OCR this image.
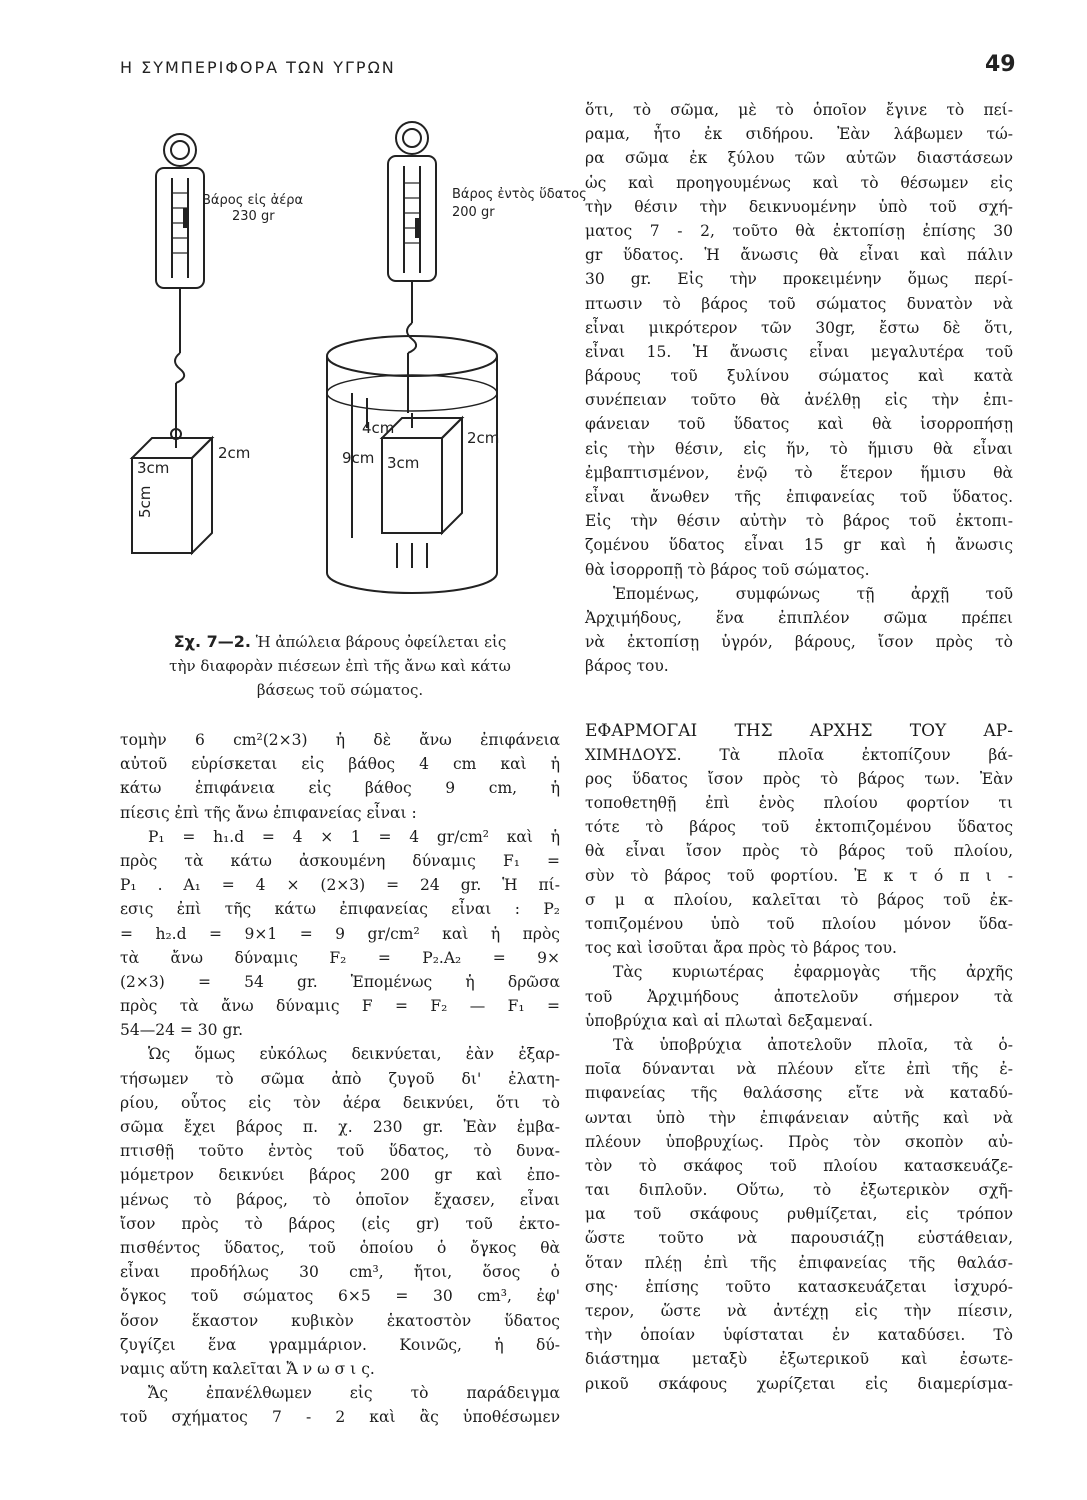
Η ΣΥΜΠΕΡΙΦΟΡΑ ΤΩΝ ΥΓΡΩΝ	49
Βάρος εἰς ἀέρα
230 gr
Βάρος ἐντὸς ὕδατος
200 gr
3cm
5cm
2cm
4cm
9cm 3cm
2cm
Σχ. 7—2. Ἡ ἀπώλεια βάρους ὀφείλεται εἰς
τὴν διαφορὰν πιέσεων ἐπὶ τῆς ἄνω καὶ κάτω
βάσεως τοῦ σώματος.
τομὴν 6 cm²(2×3) ἡ δὲ ἄνω ἐπιφάνεια
αὐτοῦ εὑρίσκεται εἰς βάθος 4 cm καὶ ἡ
κάτω ἐπιφάνεια εἰς βάθος 9 cm, ἡ
πίεσις ἐπὶ τῆς ἄνω ἐπιφανείας εἶναι :
P₁ = h₁.d = 4 × 1 = 4 gr/cm² καὶ ἡ
πρὸς τὰ κάτω ἀσκουμένη δύναμις F₁ =
P₁ . A₁ = 4 × (2×3) = 24 gr. Ἡ πί-
εσις ἐπὶ τῆς κάτω ἐπιφανείας εἶναι : P₂
= h₂.d = 9×1 = 9 gr/cm² καὶ ἡ πρὸς
τὰ ἄνω δύναμις F₂ = P₂.A₂ = 9×
(2×3) = 54 gr. Ἑπομένως ἡ δρῶσα
πρὸς τὰ ἄνω δύναμις F = F₂ — F₁ =
54—24 = 30 gr.
Ὡς ὅμως εὐκόλως δεικνύεται, ἐὰν ἐξαρ-
τήσωμεν τὸ σῶμα ἀπὸ ζυγοῦ δι' ἐλατη-
ρίου, οὗτος εἰς τὸν ἀέρα δεικνύει, ὅτι τὸ
σῶμα ἔχει βάρος π. χ. 230 gr. Ἐὰν ἐμβα-
πτισθῇ τοῦτο ἐντὸς τοῦ ὕδατος, τὸ δυνα-
μόμετρον δεικνύει βάρος 200 gr καὶ ἐπο-
μένως τὸ βάρος, τὸ ὁποῖον ἔχασεν, εἶναι
ἴσον πρὸς τὸ βάρος (εἰς gr) τοῦ ἐκτο-
πισθέντος ὕδατος, τοῦ ὁποίου ὁ ὄγκος θὰ
εἶναι προδήλως 30 cm³, ἤτοι, ὅσος ὁ
ὄγκος τοῦ σώματος 6×5 = 30 cm³, ἐφ'
ὅσον ἕκαστον κυβικὸν ἑκατοστὸν ὕδατος
ζυγίζει ἕνα γραμμάριον. Κοινῶς, ἡ δύ-
ναμις αὕτη καλεῖται Ἄ ν ω σ ι ς.
Ἄς ἐπανέλθωμεν εἰς τὸ παράδειγμα
τοῦ σχήματος 7 - 2 καὶ ἂς ὑποθέσωμεν
ὅτι, τὸ σῶμα, μὲ τὸ ὁποῖον ἔγινε τὸ πεί-
ραμα, ἦτο ἐκ σιδήρου. Ἐὰν λάβωμεν τώ-
ρα σῶμα ἐκ ξύλου τῶν αὐτῶν διαστάσεων
ὡς καὶ προηγουμένως καὶ τὸ θέσωμεν εἰς
τὴν θέσιν τὴν δεικνυομένην ὑπὸ τοῦ σχή-
ματος 7 - 2, τοῦτο θὰ ἐκτοπίσῃ ἐπίσης 30
gr ὕδατος. Ἡ ἄνωσις θὰ εἶναι καὶ πάλιν
30 gr. Εἰς τὴν προκειμένην ὅμως περί-
πτωσιν τὸ βάρος τοῦ σώματος δυνατὸν νὰ
εἶναι μικρότερον τῶν 30gr, ἔστω δὲ ὅτι,
εἶναι 15. Ἡ ἄνωσις εἶναι μεγαλυτέρα τοῦ
βάρους τοῦ ξυλίνου σώματος καὶ κατὰ
συνέπειαν τοῦτο θὰ ἀνέλθῃ εἰς τὴν ἐπι-
φάνειαν τοῦ ὕδατος καὶ θὰ ἰσορροπήσῃ
εἰς τὴν θέσιν, εἰς ἥν, τὸ ἥμισυ θὰ εἶναι
ἐμβαπτισμένον, ἐνῷ τὸ ἕτερον ἥμισυ θὰ
εἶναι ἄνωθεν τῆς ἐπιφανείας τοῦ ὕδατος.
Εἰς τὴν θέσιν αὐτὴν τὸ βάρος τοῦ ἐκτοπι-
ζομένου ὕδατος εἶναι 15 gr καὶ ἡ ἄνωσις
θὰ ἰσορροπῇ τὸ βάρος τοῦ σώματος.
Ἑπομένως, συμφώνως τῇ ἀρχῇ τοῦ
Ἀρχιμήδους, ἕνα ἐπιπλέον σῶμα πρέπει
νὰ ἐκτοπίσῃ ὑγρόν, βάρους, ἴσον πρὸς τὸ
βάρος του.
ΕΦΑΡΜΟΓΑΙ ΤΗΣ ΑΡΧΗΣ ΤΟΥ ΑΡ-
ΧΙΜΗΔΟΥΣ. Τὰ πλοῖα ἐκτοπίζουν βά-
ρος ὕδατος ἴσον πρὸς τὸ βάρος των. Ἐὰν
τοποθετηθῇ ἐπὶ ἑνὸς πλοίου φορτίον τι
τότε τὸ βάρος τοῦ ἐκτοπιζομένου ὕδατος
θὰ εἶναι ἴσον πρὸς τὸ βάρος τοῦ πλοίου,
σὺν τὸ βάρος τοῦ φορτίου. Ἐ κ τ ό π ι -
σ μ α πλοίου, καλεῖται τὸ βάρος τοῦ ἐκ-
τοπιζομένου ὑπὸ τοῦ πλοίου μόνον ὕδα-
τος καὶ ἰσοῦται ἄρα πρὸς τὸ βάρος του.
Τὰς κυριωτέρας ἐφαρμογὰς τῆς ἀρχῆς
τοῦ Ἀρχιμήδους ἀποτελοῦν σήμερον τὰ
ὑποβρύχια καὶ αἱ πλωταὶ δεξαμεναί.
Τὰ ὑποβρύχια ἀποτελοῦν πλοῖα, τὰ ὁ-
ποῖα δύνανται νὰ πλέουν εἴτε ἐπὶ τῆς ἐ-
πιφανείας τῆς θαλάσσης εἴτε νὰ καταδύ-
ωνται ὑπὸ τὴν ἐπιφάνειαν αὐτῆς καὶ νὰ
πλέουν ὑποβρυχίως. Πρὸς τὸν σκοπὸν αὐ-
τὸν τὸ σκάφος τοῦ πλοίου κατασκευάζε-
ται διπλοῦν. Οὕτω, τὸ ἐξωτερικὸν σχῆ-
μα τοῦ σκάφους ρυθμίζεται, εἰς τρόπον
ὥστε τοῦτο νὰ παρουσιάζῃ εὐστάθειαν,
ὅταν πλέῃ ἐπὶ τῆς ἐπιφανείας τῆς θαλάσ-
σης· ἐπίσης τοῦτο κατασκευάζεται ἰσχυρό-
τερον, ὥστε νὰ ἀντέχῃ εἰς τὴν πίεσιν,
τὴν ὁποίαν ὑφίσταται ἐν καταδύσει. Τὸ
διάστημα μεταξὺ ἐξωτερικοῦ καὶ ἐσωτε-
ρικοῦ σκάφους χωρίζεται εἰς διαμερίσμα-
